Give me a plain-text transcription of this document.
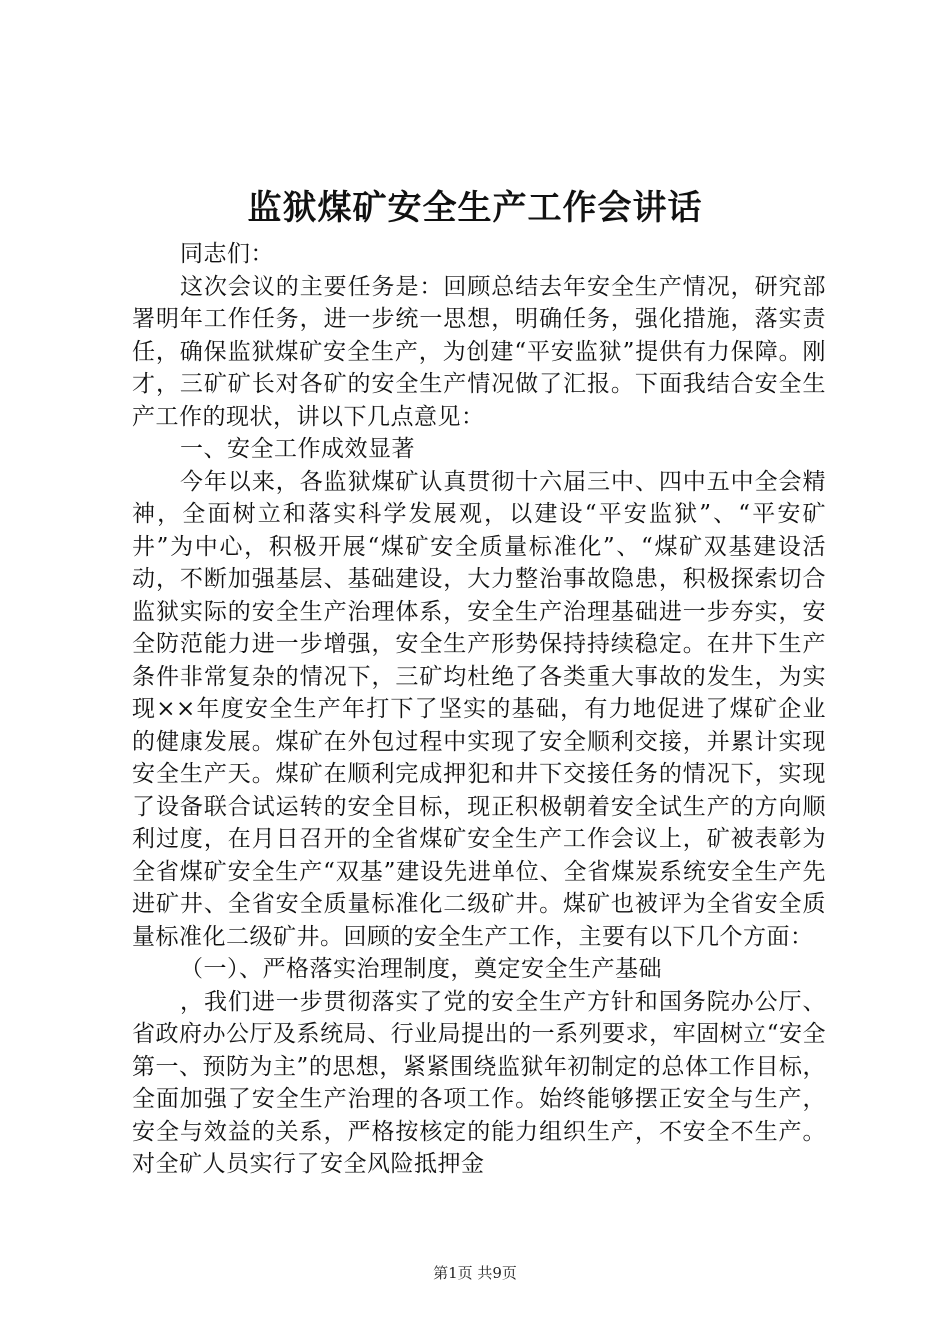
监狱煤矿安全生产工作会讲话

同志们：

这次会议的主要任务是：回顾总结去年安全生产情况，研究部署明年工作任务，进一步统一思想，明确任务，强化措施，落实责任，确保监狱煤矿安全生产，为创建“平安监狱”提供有力保障。刚才，三矿矿长对各矿的安全生产情况做了汇报。下面我结合安全生产工作的现状，讲以下几点意见：

一、安全工作成效显著

今年以来，各监狱煤矿认真贯彻十六届三中、四中五中全会精神，全面树立和落实科学发展观，以建设“平安监狱”、“平安矿井”为中心，积极开展“煤矿安全质量标准化”、“煤矿双基建设活动，不断加强基层、基础建设，大力整治事故隐患，积极探索切合监狱实际的安全生产治理体系，安全生产治理基础进一步夯实，安全防范能力进一步增强，安全生产形势保持持续稳定。在井下生产条件非常复杂的情况下，三矿均杜绝了各类重大事故的发生，为实现××年度安全生产年打下了坚实的基础，有力地促进了煤矿企业的健康发展。煤矿在外包过程中实现了安全顺利交接，并累计实现安全生产天。煤矿在顺利完成押犯和井下交接任务的情况下，实现了设备联合试运转的安全目标，现正积极朝着安全试生产的方向顺利过度，在月日召开的全省煤矿安全生产工作会议上，矿被表彰为全省煤矿安全生产“双基”建设先进单位、全省煤炭系统安全生产先进矿井、全省安全质量标准化二级矿井。煤矿也被评为全省安全质量标准化二级矿井。回顾的安全生产工作，主要有以下几个方面：

（一）、严格落实治理制度，奠定安全生产基础

，我们进一步贯彻落实了党的安全生产方针和国务院办公厅、省政府办公厅及系统局、行业局提出的一系列要求，牢固树立“安全第一、预防为主”的思想，紧紧围绕监狱年初制定的总体工作目标，全面加强了安全生产治理的各项工作。始终能够摆正安全与生产，安全与效益的关系，严格按核定的能力组织生产，不安全不生产。对全矿人员实行了安全风险抵押金

第1页 共9页
